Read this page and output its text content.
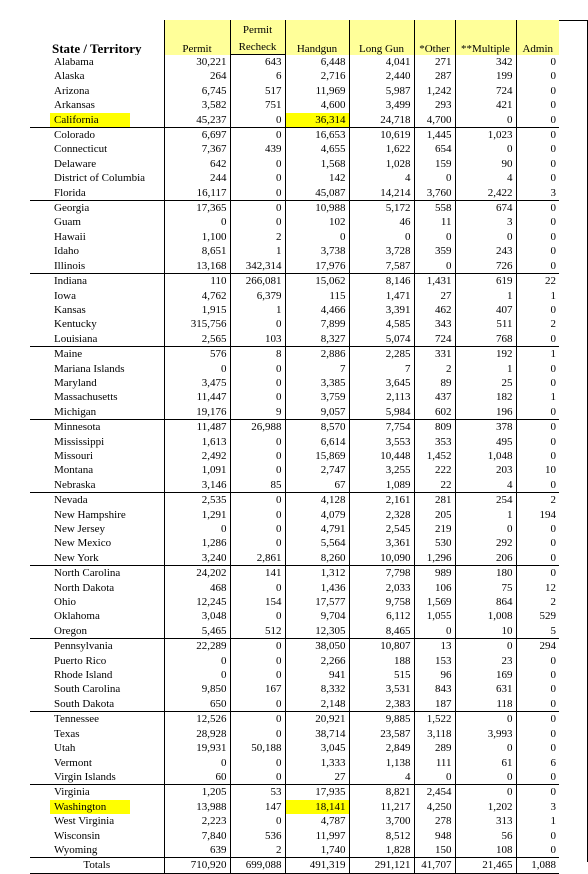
State / Territory	Permit	Permit	Handgun	Long Gun	*Other	**Multiple	Admin
		Recheck					
Alabama	30,221	643	6,448	4,041	271	342	0
Alaska	264	6	2,716	2,440	287	199	0
Arizona	6,745	517	11,969	5,987	1,242	724	0
Arkansas	3,582	751	4,600	3,499	293	421	0
California	45,237	0	36,314	24,718	4,700	0	0
Colorado	6,697	0	16,653	10,619	1,445	1,023	0
Connecticut	7,367	439	4,655	1,622	654	0	0
Delaware	642	0	1,568	1,028	159	90	0
District of Columbia	244	0	142	4	0	4	0
Florida	16,117	0	45,087	14,214	3,760	2,422	3
Georgia	17,365	0	10,988	5,172	558	674	0
Guam	0	0	102	46	11	3	0
Hawaii	1,100	2	0	0	0	0	0
Idaho	8,651	1	3,738	3,728	359	243	0
Illinois	13,168	342,314	17,976	7,587	0	726	0
Indiana	110	266,081	15,062	8,146	1,431	619	22
Iowa	4,762	6,379	115	1,471	27	1	1
Kansas	1,915	1	4,466	3,391	462	407	0
Kentucky	315,756	0	7,899	4,585	343	511	2
Louisiana	2,565	103	8,327	5,074	724	768	0
Maine	576	8	2,886	2,285	331	192	1
Mariana Islands	0	0	7	7	2	1	0
Maryland	3,475	0	3,385	3,645	89	25	0
Massachusetts	11,447	0	3,759	2,113	437	182	1
Michigan	19,176	9	9,057	5,984	602	196	0
Minnesota	11,487	26,988	8,570	7,754	809	378	0
Mississippi	1,613	0	6,614	3,553	353	495	0
Missouri	2,492	0	15,869	10,448	1,452	1,048	0
Montana	1,091	0	2,747	3,255	222	203	10
Nebraska	3,146	85	67	1,089	22	4	0
Nevada	2,535	0	4,128	2,161	281	254	2
New Hampshire	1,291	0	4,079	2,328	205	1	194
New Jersey	0	0	4,791	2,545	219	0	0
New Mexico	1,286	0	5,564	3,361	530	292	0
New York	3,240	2,861	8,260	10,090	1,296	206	0
North Carolina	24,202	141	1,312	7,798	989	180	0
North Dakota	468	0	1,436	2,033	106	75	12
Ohio	12,245	154	17,577	9,758	1,569	864	2
Oklahoma	3,048	0	9,704	6,112	1,055	1,008	529
Oregon	5,465	512	12,305	8,465	0	10	5
Pennsylvania	22,289	0	38,050	10,807	13	0	294
Puerto Rico	0	0	2,266	188	153	23	0
Rhode Island	0	0	941	515	96	169	0
South Carolina	9,850	167	8,332	3,531	843	631	0
South Dakota	650	0	2,148	2,383	187	118	0
Tennessee	12,526	0	20,921	9,885	1,522	0	0
Texas	28,928	0	38,714	23,587	3,118	3,993	0
Utah	19,931	50,188	3,045	2,849	289	0	0
Vermont	0	0	1,333	1,138	111	61	6
Virgin Islands	60	0	27	4	0	0	0
Virginia	1,205	53	17,935	8,821	2,454	0	0
Washington	13,988	147	18,141	11,217	4,250	1,202	3
West Virginia	2,223	0	4,787	3,700	278	313	1
Wisconsin	7,840	536	11,997	8,512	948	56	0
Wyoming	639	2	1,740	1,828	150	108	0
Totals	710,920	699,088	491,319	291,121	41,707	21,465	1,088
